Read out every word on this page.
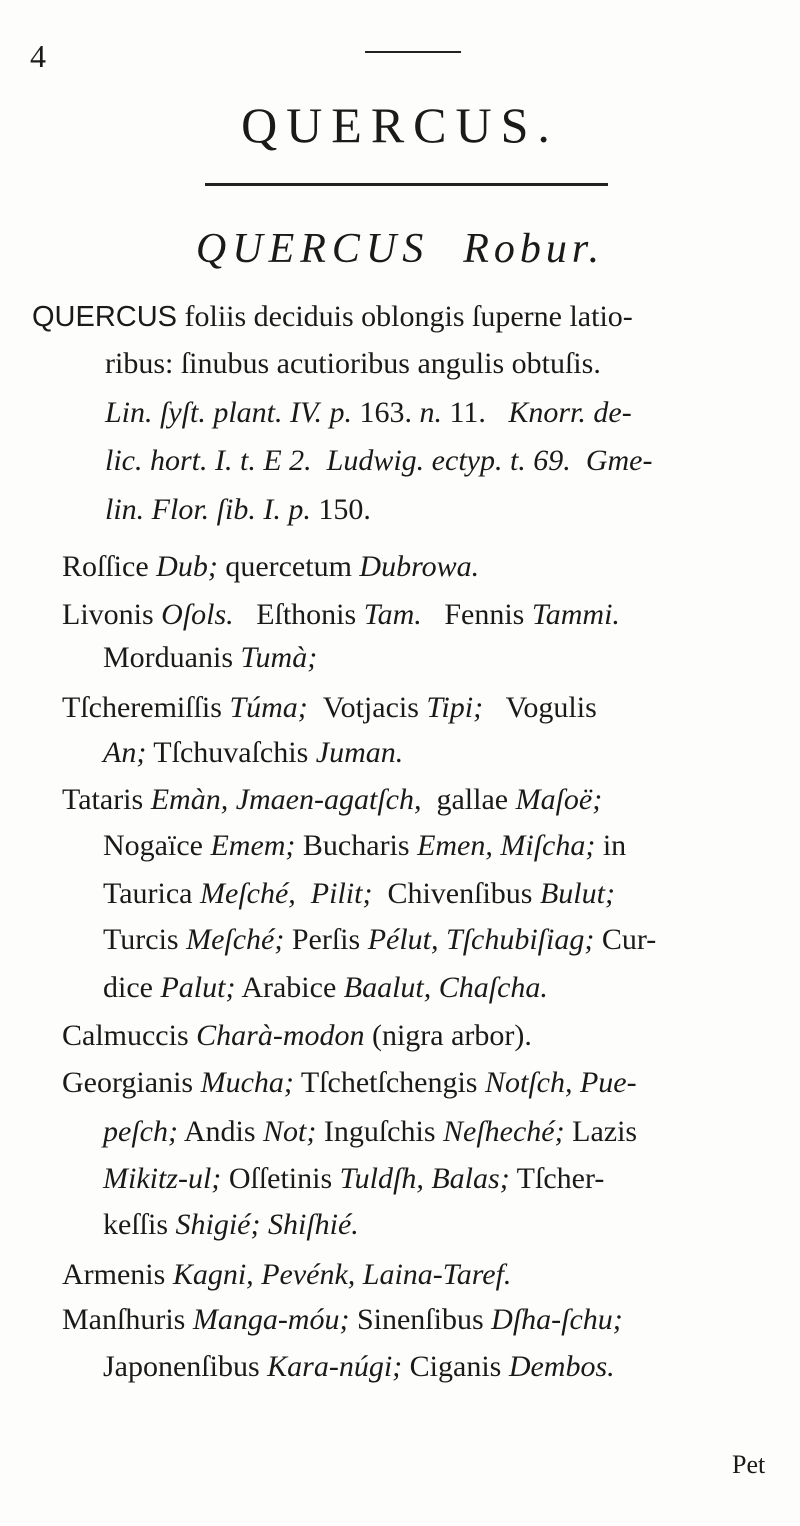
4
QUERCUS.
QUERCUS Robur.
QUERCUS foliis deciduis oblongis ſuperne latio-
ribus: ſinubus acutioribus angulis obtuſis.
Lin. ſyſt. plant. IV. p. 163. n. 11. Knorr. de-
lic. hort. I. t. E 2. Ludwig. ectyp. t. 69. Gme-
lin. Flor. ſib. I. p. 150.
Roſſice Dub; quercetum Dubrowa.
Livonis Oſols. Eſthonis Tam. Fennis Tammi.
Morduanis Tumà;
Tſcheremiſſis Túma; Votjacis Tipi; Vogulis
An; Tſchuvaſchis Juman.
Tataris Emàn, Jmaen-agatſch, gallae Maſoë;
Nogaïce Emem; Bucharis Emen, Miſcha; in
Taurica Meſché, Pilit; Chivenſibus Bulut;
Turcis Meſché; Perſis Pélut, Tſchubiſiag; Cur-
dice Palut; Arabice Baalut, Chaſcha.
Calmuccis Charà-modon (nigra arbor).
Georgianis Mucha; Tſchetſchengis Notſch, Pue-
peſch; Andis Not; Inguſchis Neſheché; Lazis
Mikitz-ul; Oſſetinis Tuldſh, Balas; Tſcher-
keſſis Shigié; Shiſhié.
Armenis Kagni, Pevénk, Laina-Taref.
Manſhuris Manga-móu; Sinenſibus Dſha-ſchu;
Japonenſibus Kara-núgi; Ciganis Dembos.
Pet
